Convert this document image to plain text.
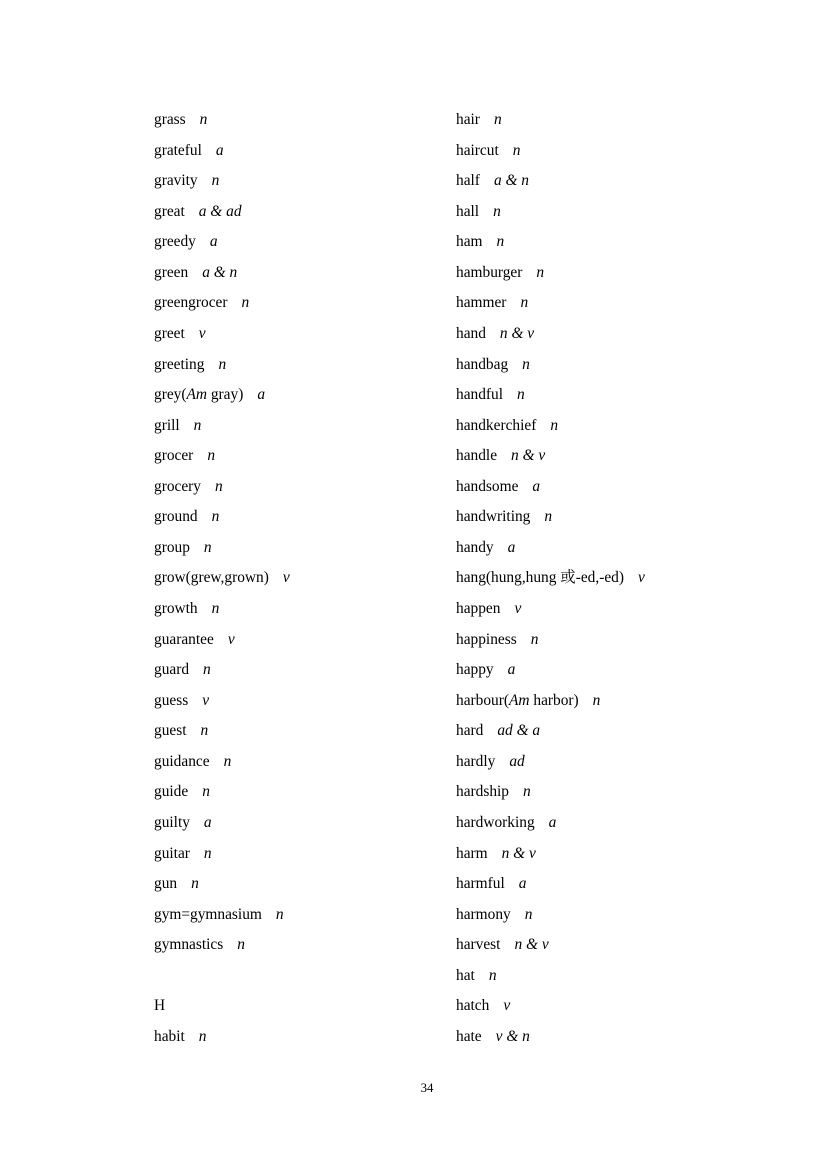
grass n
grateful a
gravity n
great a & ad
greedy a
green a & n
greengrocer n
greet v
greeting n
grey(Am gray) a
grill n
grocer n
grocery n
ground n
group n
grow(grew,grown) v
growth n
guarantee v
guard n
guess v
guest n
guidance n
guide n
guilty a
guitar n
gun n
gym=gymnasium n
gymnastics n
H
habit n
hair n
haircut n
half a & n
hall n
ham n
hamburger n
hammer n
hand n & v
handbag n
handful n
handkerchief n
handle n & v
handsome a
handwriting n
handy a
hang(hung,hung 或-ed,-ed) v
happen v
happiness n
happy a
harbour(Am harbor) n
hard ad & a
hardly ad
hardship n
hardworking a
harm n & v
harmful a
harmony n
harvest n & v
hat n
hatch v
hate v & n
34
